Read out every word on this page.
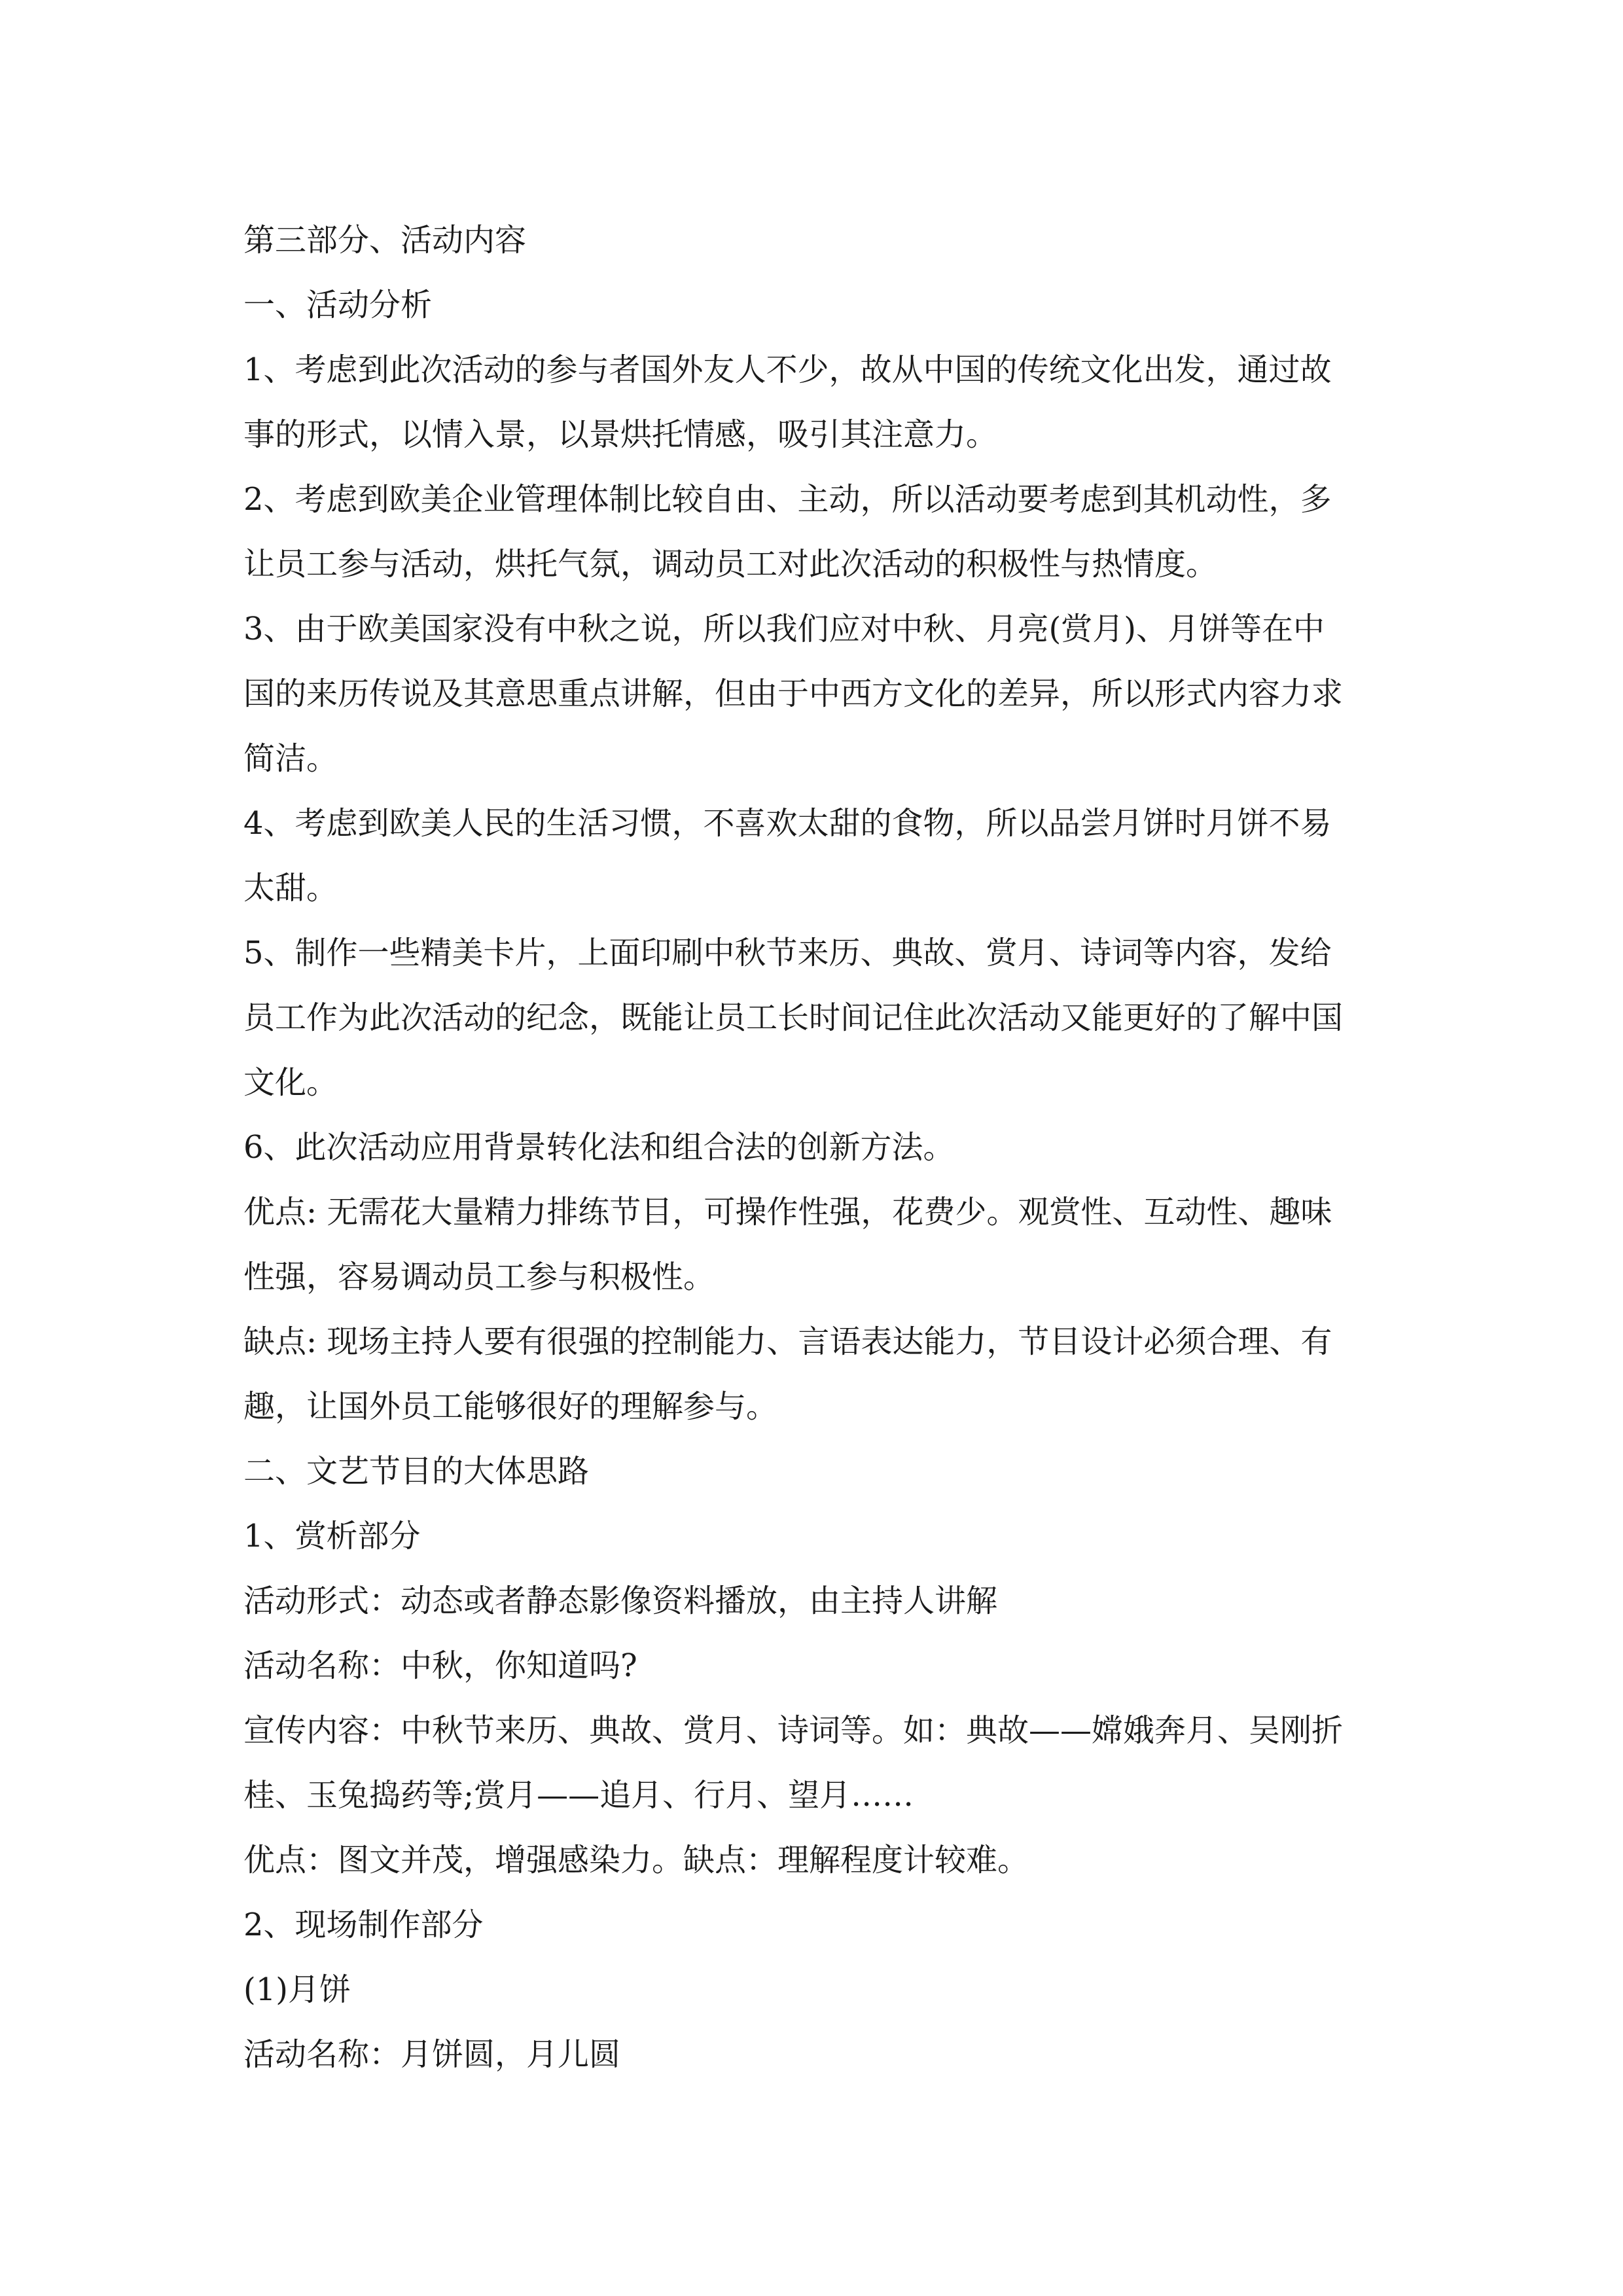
第三部分、活动内容

一、活动分析

1、考虑到此次活动的参与者国外友人不少，故从中国的传统文化出发，通过故

事的形式，以情入景，以景烘托情感，吸引其注意力。

2、考虑到欧美企业管理体制比较自由、主动，所以活动要考虑到其机动性，多

让员工参与活动，烘托气氛，调动员工对此次活动的积极性与热情度。

3、由于欧美国家没有中秋之说，所以我们应对中秋、月亮(赏月)、月饼等在中

国的来历传说及其意思重点讲解，但由于中西方文化的差异，所以形式内容力求

简洁。

4、考虑到欧美人民的生活习惯，不喜欢太甜的食物，所以品尝月饼时月饼不易

太甜。

5、制作一些精美卡片，上面印刷中秋节来历、典故、赏月、诗词等内容，发给

员工作为此次活动的纪念，既能让员工长时间记住此次活动又能更好的了解中国

文化。

6、此次活动应用背景转化法和组合法的创新方法。

优点: 无需花大量精力排练节目，可操作性强，花费少。观赏性、互动性、趣味

性强，容易调动员工参与积极性。

缺点: 现场主持人要有很强的控制能力、言语表达能力，节目设计必须合理、有

趣，让国外员工能够很好的理解参与。

二、文艺节目的大体思路

1、赏析部分

活动形式：动态或者静态影像资料播放，由主持人讲解

活动名称：中秋，你知道吗?

宣传内容：中秋节来历、典故、赏月、诗词等。如：典故——嫦娥奔月、吴刚折

桂、玉兔捣药等;赏月——追月、行月、望月……

优点：图文并茂，增强感染力。缺点：理解程度计较难。

2、现场制作部分

(1)月饼

活动名称：月饼圆，月儿圆
